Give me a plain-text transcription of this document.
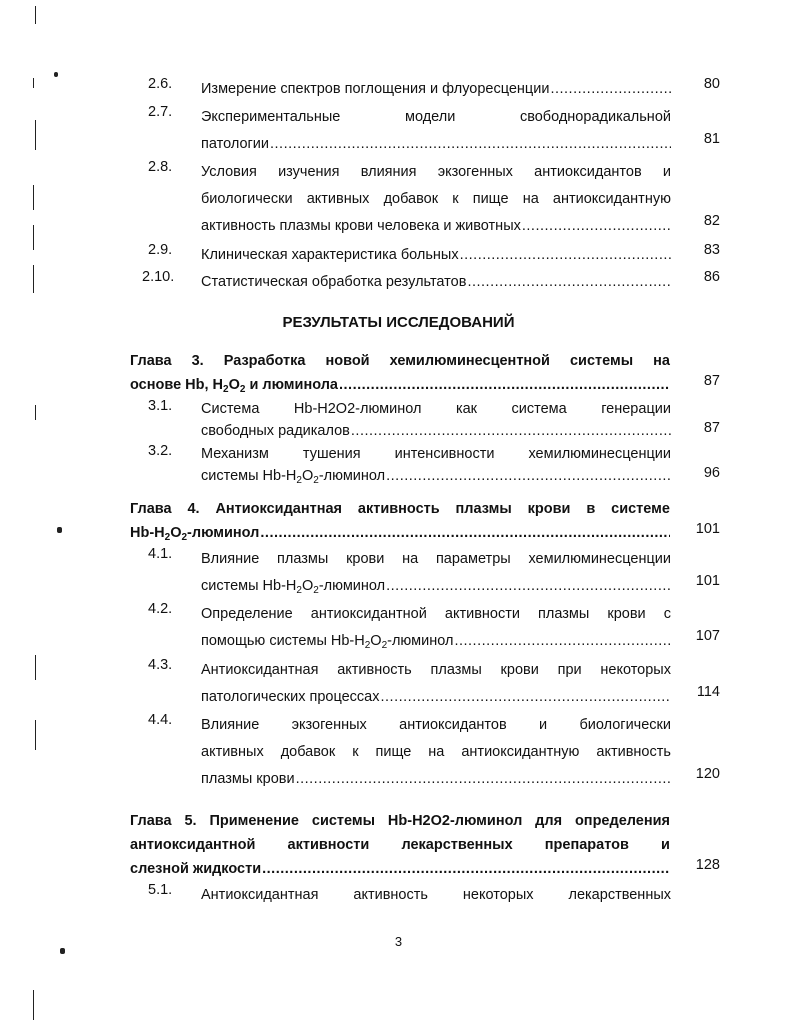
2.6. Измерение спектров поглощения и флуоресценции .....	80
2.7. Экспериментальные	модели	свободнорадикальной
патологии .....	81
2.8. Условия изучения влияния экзогенных антиоксидантов и
биологически активных добавок к пище на антиоксидантную
активность плазмы крови человека и животных .....	82
2.9. Клиническая характеристика больных .....	83
2.10. Статистическая обработка результатов .....	86
РЕЗУЛЬТАТЫ ИССЛЕДОВАНИЙ
Глава 3. Разработка новой хемилюминесцентной системы на
основе Hb, $H_2O_2$ и люминола .....	87
3.1. Система Hb-H2O2-люминол как система генерации
свободных радикалов .....	87
3.2. Механизм тушения интенсивности хемилюминесценции
системы $Hb-H_2O_2$-люминол .....	96
Глава 4. Антиоксидантная активность плазмы крови в системе
$Hb-H_2O_2$-люминол .....	101
4.1. Влияние плазмы крови на параметры хемилюминесценции
системы $Hb-H_2O_2$-люминол .....	101
4.2. Определение антиоксидантной активности плазмы крови с
помощью системы $Hb-H_2O_2$-люминол .....	107
4.3. Антиоксидантная активность плазмы крови при некоторых
патологических процессах .....	114
4.4. Влияние экзогенных антиоксидантов и биологически
активных добавок к пище на антиоксидантную активность
плазмы крови .....	120
Глава 5. Применение системы Hb-H2O2-люминол для определения
антиоксидантной активности лекарственных препаратов и
слезной жидкости .....	128
5.1. Антиоксидантная активность некоторых лекарственных
3
